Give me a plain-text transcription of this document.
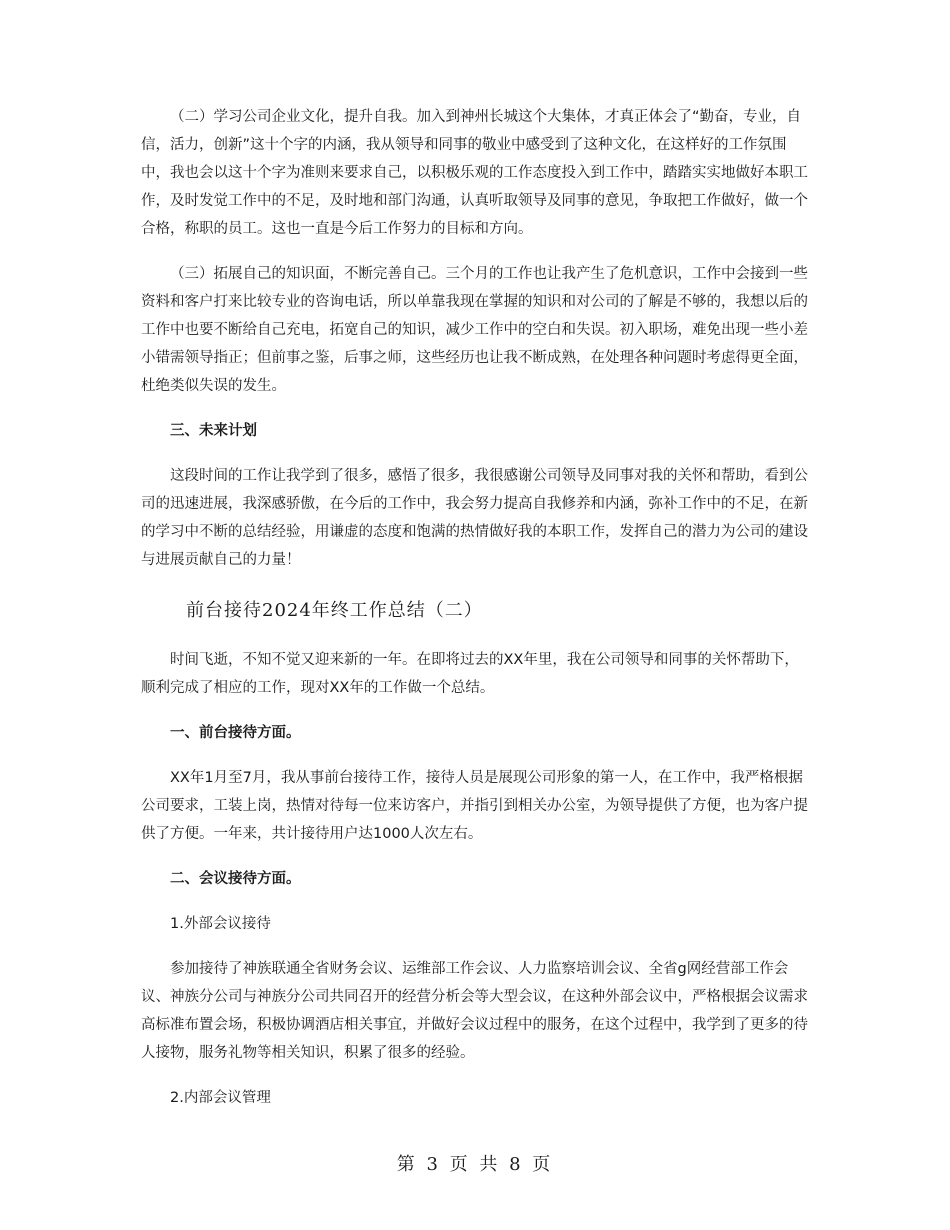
（二）学习公司企业文化，提升自我。加入到神州长城这个大集体，才真正体会了“勤奋，专业，自信，活力，创新”这十个字的内涵，我从领导和同事的敬业中感受到了这种文化，在这样好的工作氛围中，我也会以这十个字为准则来要求自己，以积极乐观的工作态度投入到工作中，踏踏实实地做好本职工作，及时发觉工作中的不足，及时地和部门沟通，认真听取领导及同事的意见，争取把工作做好，做一个合格，称职的员工。这也一直是今后工作努力的目标和方向。

（三）拓展自己的知识面，不断完善自己。三个月的工作也让我产生了危机意识，工作中会接到一些资料和客户打来比较专业的咨询电话，所以单靠我现在掌握的知识和对公司的了解是不够的，我想以后的工作中也要不断给自己充电，拓宽自己的知识，减少工作中的空白和失误。初入职场，难免出现一些小差小错需领导指正；但前事之鉴，后事之师，这些经历也让我不断成熟，在处理各种问题时考虑得更全面，杜绝类似失误的发生。

三、未来计划

这段时间的工作让我学到了很多，感悟了很多，我很感谢公司领导及同事对我的关怀和帮助，看到公司的迅速进展，我深感骄傲，在今后的工作中，我会努力提高自我修养和内涵，弥补工作中的不足，在新的学习中不断的总结经验，用谦虚的态度和饱满的热情做好我的本职工作，发挥自己的潜力为公司的建设与进展贡献自己的力量！

前台接待2024年终工作总结（二）

时间飞逝，不知不觉又迎来新的一年。在即将过去的XX年里，我在公司领导和同事的关怀帮助下，顺利完成了相应的工作，现对XX年的工作做一个总结。

一、前台接待方面。

XX年1月至7月，我从事前台接待工作，接待人员是展现公司形象的第一人，在工作中，我严格根据公司要求，工装上岗，热情对待每一位来访客户，并指引到相关办公室，为领导提供了方便，也为客户提供了方便。一年来，共计接待用户达1000人次左右。

二、会议接待方面。

1.外部会议接待

参加接待了神族联通全省财务会议、运维部工作会议、人力监察培训会议、全省g网经营部工作会议、神族分公司与神族分公司共同召开的经营分析会等大型会议，在这种外部会议中，严格根据会议需求高标准布置会场，积极协调酒店相关事宜，并做好会议过程中的服务，在这个过程中，我学到了更多的待人接物，服务礼物等相关知识，积累了很多的经验。

2.内部会议管理

第 3 页 共 8 页
